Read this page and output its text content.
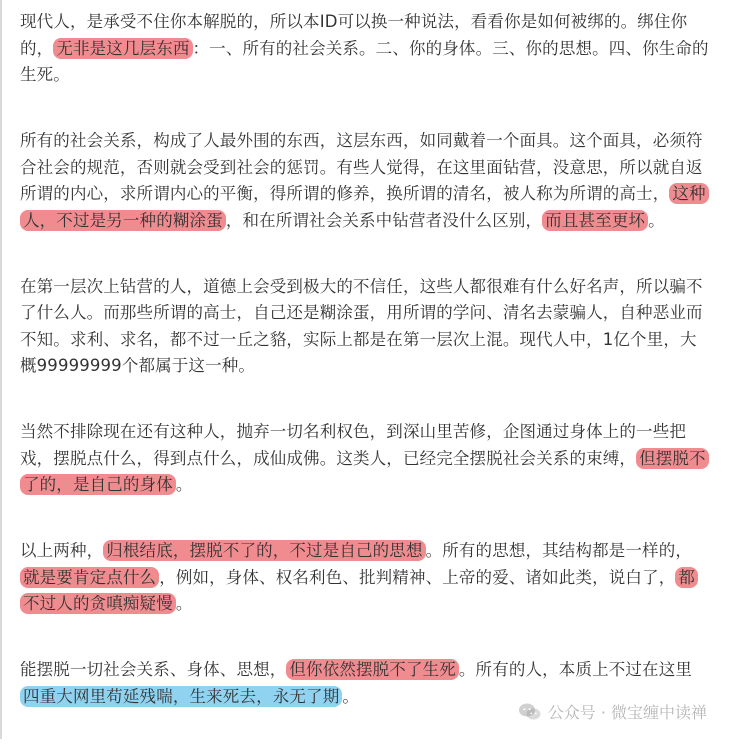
现代人，是承受不住你本解脱的，所以本ID可以换一种说法，看看你是如何被绑的。绑住你的， 无非是这几层东西 ：一、所有的社会关系。二、你的身体。三、你的思想。四、你生命的生死。

所有的社会关系，构成了人最外围的东西，这层东西，如同戴着一个面具。这个面具，必须符合社会的规范，否则就会受到社会的惩罚。有些人觉得，在这里面钻营，没意思，所以就自返所谓的内心，求所谓内心的平衡，得所谓的修养，换所谓的清名，被人称为所谓的高士， 这种人，不过是另一种的糊涂蛋 ，和在所谓社会关系中钻营者没什么区别， 而且甚至更坏 。

在第一层次上钻营的人，道德上会受到极大的不信任，这些人都很难有什么好名声，所以骗不了什么人。而那些所谓的高士，自己还是糊涂蛋，用所谓的学问、清名去蒙骗人，自种恶业而不知。求利、求名，都不过一丘之貉，实际上都是在第一层次上混。现代人中，1亿个里，大概99999999个都属于这一种。

当然不排除现在还有这种人，抛弃一切名利权色，到深山里苦修，企图通过身体上的一些把戏，摆脱点什么，得到点什么，成仙成佛。这类人，已经完全摆脱社会关系的束缚， 但摆脱不了的，是自己的身体 。

以上两种， 归根结底，摆脱不了的，不过是自己的思想 。所有的思想，其结构都是一样的，就是要肯定点什么 ，例如，身体、权名利色、批判精神、上帝的爱、诸如此类，说白了， 都不过人的贪嗔痴疑慢 。

能摆脱一切社会关系、身体、思想， 但你依然摆脱不了生死 。所有的人，本质上不过在这里四重大网里苟延残喘，生来死去，永无了期 。

公众号 · 微宝缠中读禅
